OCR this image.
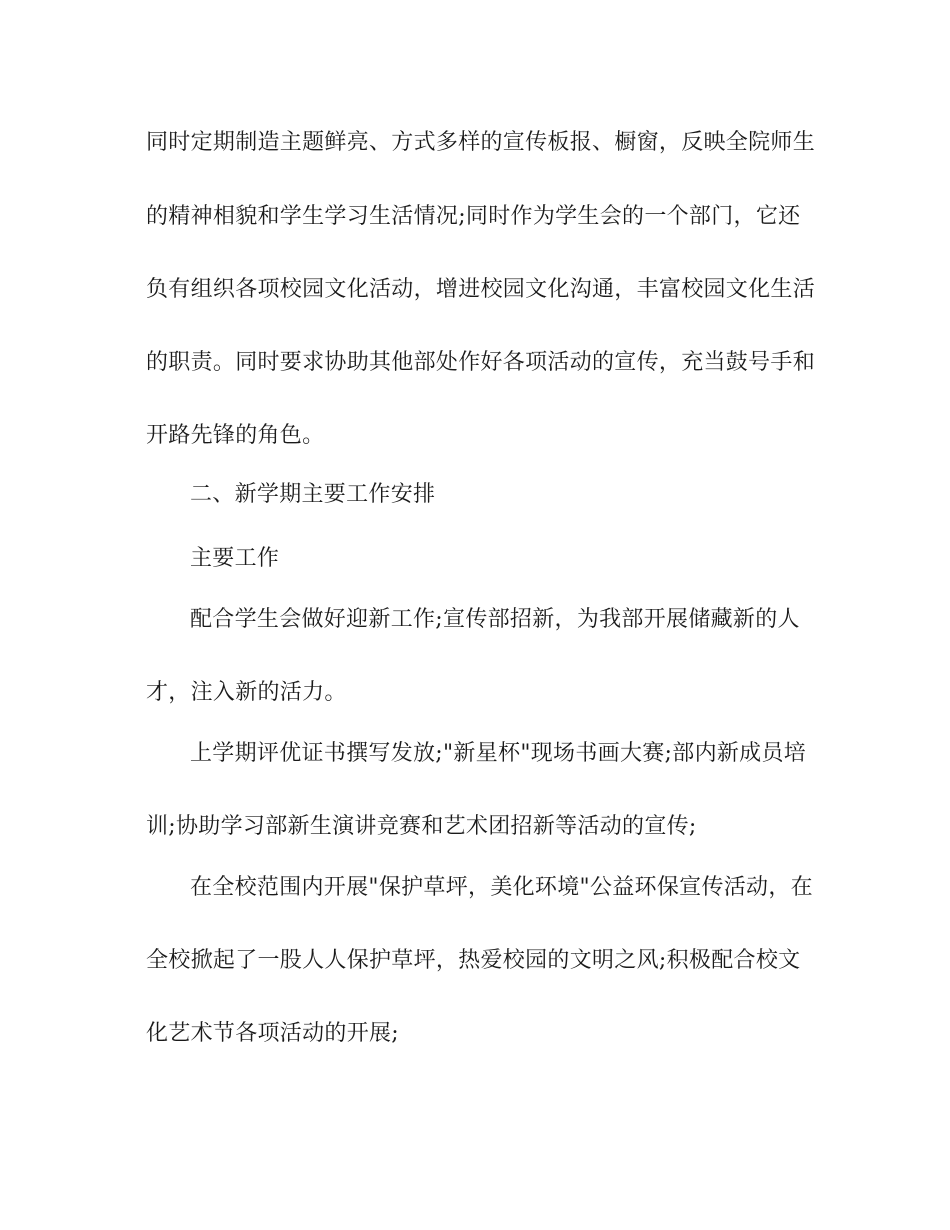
同时定期制造主题鲜亮、方式多样的宣传板报、橱窗，反映全院师生
的精神相貌和学生学习生活情况;同时作为学生会的一个部门，它还
负有组织各项校园文化活动，增进校园文化沟通，丰富校园文化生活
的职责。同时要求协助其他部处作好各项活动的宣传，充当鼓号手和
开路先锋的角色。
二、新学期主要工作安排
主要工作
配合学生会做好迎新工作;宣传部招新，为我部开展储藏新的人
才，注入新的活力。
上学期评优证书撰写发放;"新星杯"现场书画大赛;部内新成员培
训;协助学习部新生演讲竞赛和艺术团招新等活动的宣传;
在全校范围内开展"保护草坪，美化环境"公益环保宣传活动，在
全校掀起了一股人人保护草坪，热爱校园的文明之风;积极配合校文
化艺术节各项活动的开展;
